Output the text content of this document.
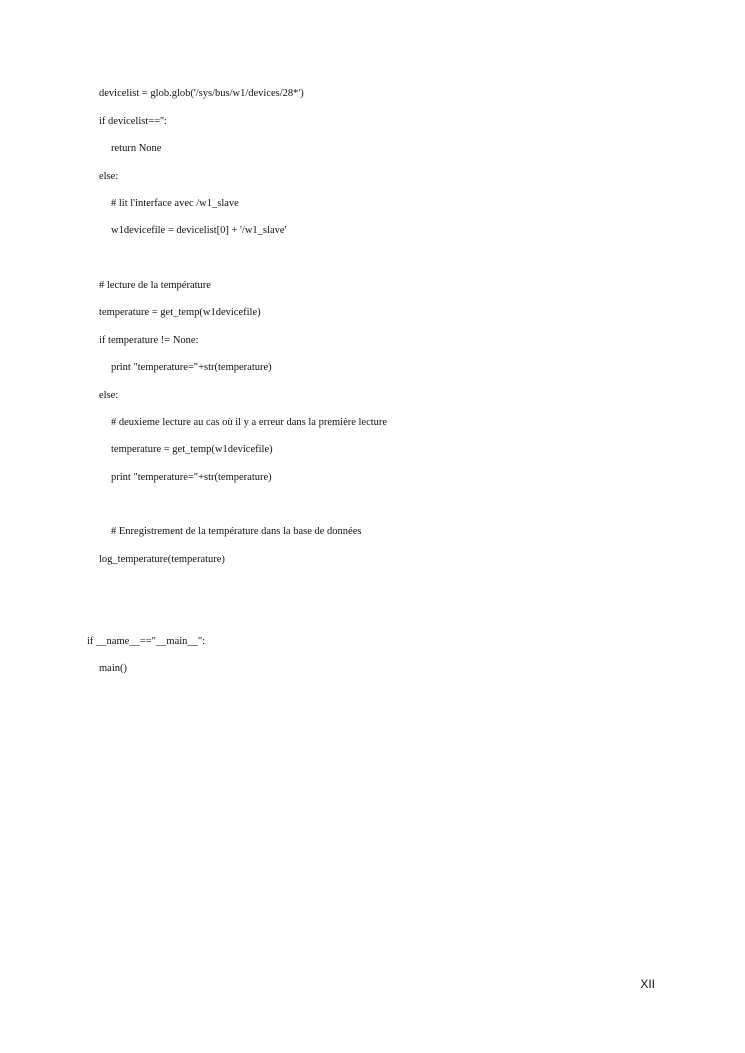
devicelist = glob.glob('/sys/bus/w1/devices/28*')
if devicelist=='':
return None
else:
# lit l'interface avec /w1_slave
w1devicefile = devicelist[0] + '/w1_slave'
# lecture de la température
temperature = get_temp(w1devicefile)
if temperature != None:
print "temperature="+str(temperature)
else:
# deuxieme lecture au cas où il y a erreur dans la première lecture
temperature = get_temp(w1devicefile)
print "temperature="+str(temperature)
# Enregistrement de la température dans la base de données
log_temperature(temperature)
if __name__=="__main__":
main()
XII
